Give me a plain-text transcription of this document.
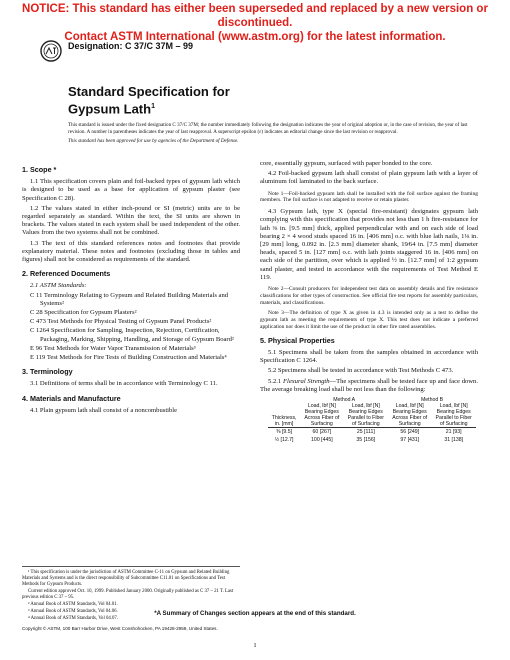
NOTICE: This standard has either been superseded and replaced by a new version or discontinued.
Contact ASTM International (www.astm.org) for the latest information.
Designation: C 37/C 37M – 99
Standard Specification for
Gypsum Lath$^1$

This standard is issued under the fixed designation C 37/C 37M; the number immediately following the designation indicates the year of original adoption or, in the case of revision, the year of last revision. A number in parentheses indicates the year of last reapproval. A superscript epsilon (ε) indicates an editorial change since the last revision or reapproval.

This standard has been approved for use by agencies of the Department of Defense.

1. Scope *

1.1 This specification covers plain and foil-backed types of gypsum lath which is designed to be used as a base for application of gypsum plaster (see Specification C 28).

1.2 The values stated in either inch-pound or SI (metric) units are to be regarded separately as standard. Within the text, the SI units are shown in brackets. The values stated in each system shall be used independent of the other. Values from the two systems shall not be combined.

1.3 The text of this standard references notes and footnotes that provide explanatory material. These notes and footnotes (excluding those in tables and figures) shall not be considered as requirements of the standard.

2. Referenced Documents
2.1 ASTM Standards:
C 11 Terminology Relating to Gypsum and Related Building Materials and Systems²
C 28 Specification for Gypsum Plasters²
C 473 Test Methods for Physical Testing of Gypsum Panel Products²
C 1264 Specification for Sampling, Inspection, Rejection, Certification, Packaging, Marking, Shipping, Handling, and Storage of Gypsum Board²
E 96 Test Methods for Water Vapor Transmission of Materials³
E 119 Test Methods for Fire Tests of Building Construction and Materials⁴
3. Terminology

3.1 Definitions of terms shall be in accordance with Terminology C 11.

4. Materials and Manufacture

4.1 Plain gypsum lath shall consist of a noncombustible

core, essentially gypsum, surfaced with paper bonded to the core.

4.2 Foil-backed gypsum lath shall consist of plain gypsum lath with a layer of aluminum foil laminated to the back surface.

Note 1—Foil-backed gypsum lath shall be installed with the foil surface against the framing members. The foil surface is not adapted to receive or retain plaster.

4.3 Gypsum lath, type X (special fire-resistant) designates gypsum lath complying with this specification that provides not less than 1 h fire-resistance for lath ⅜ in. [9.5 mm] thick, applied perpendicular with and on each side of load bearing 2 × 4 wood studs spaced 16 in. [406 mm] o.c. with blue lath nails, 1⅛ in. [29 mm] long, 0.092 in. [2.3 mm] diameter shank, 19⁄64 in. [7.5 mm] diameter heads, spaced 5 in. [127 mm] o.c. with lath joints staggered 16 in. [406 mm] on each side of the partition, over which is applied ½ in. [12.7 mm] of 1:2 gypsum sand plaster, and tested in accordance with the requirements of Test Method E 119.

Note 2—Consult producers for independent test data on assembly details and fire resistance classifications for other types of construction. See official fire test reports for assembly particulars, materials, and classifications.

Note 3—The definition of type X as given in 4.3 is intended only as a test to define the gypsum lath as meeting the requirements of type X. This test does not indicate a preferred application nor does it limit the use of the product in other fire rated assemblies.

5. Physical Properties

5.1 Specimens shall be taken from the samples obtained in accordance with Specification C 1264.

5.2 Specimens shall be tested in accordance with Test Methods C 473.

5.2.1 Flexural Strength—The specimens shall be tested face up and face down. The average breaking load shall be not less than the following:

	Method A		Method B	
Thickness, in. [mm]	Load, lbf [N] Bearing Edges Across Fiber of Surfacing	Load, lbf [N] Bearing Edges Parallel to Fiber of Surfacing	Load, lbf [N] Bearing Edges Across Fiber of Surfacing	Load, lbf [N] Bearing Edges Parallel to Fiber of Surfacing
⅜ [9.5]	60 [267]	25 [111]	56 [249]	21 [93]
½ [12.7]	100 [445]	35 [156]	97 [431]	31 [138]

¹ This specification is under the jurisdiction of ASTM Committee C-11 on Gypsum and Related Building Materials and Systems and is the direct responsibility of Subcommittee C11.01 on Specifications and Test Methods for Gypsum Products.

Current edition approved Oct. 10, 1999. Published January 2000. Originally published as C 37 – 21 T. Last previous edition C 37 – 95.

² Annual Book of ASTM Standards, Vol 04.01.

³ Annual Book of ASTM Standards, Vol 04.06.

⁴ Annual Book of ASTM Standards, Vol 04.07.

*A Summary of Changes section appears at the end of this standard.
Copyright © ASTM, 100 Barr Harbor Drive, West Conshohocken, PA 19428-2959, United States.
1
